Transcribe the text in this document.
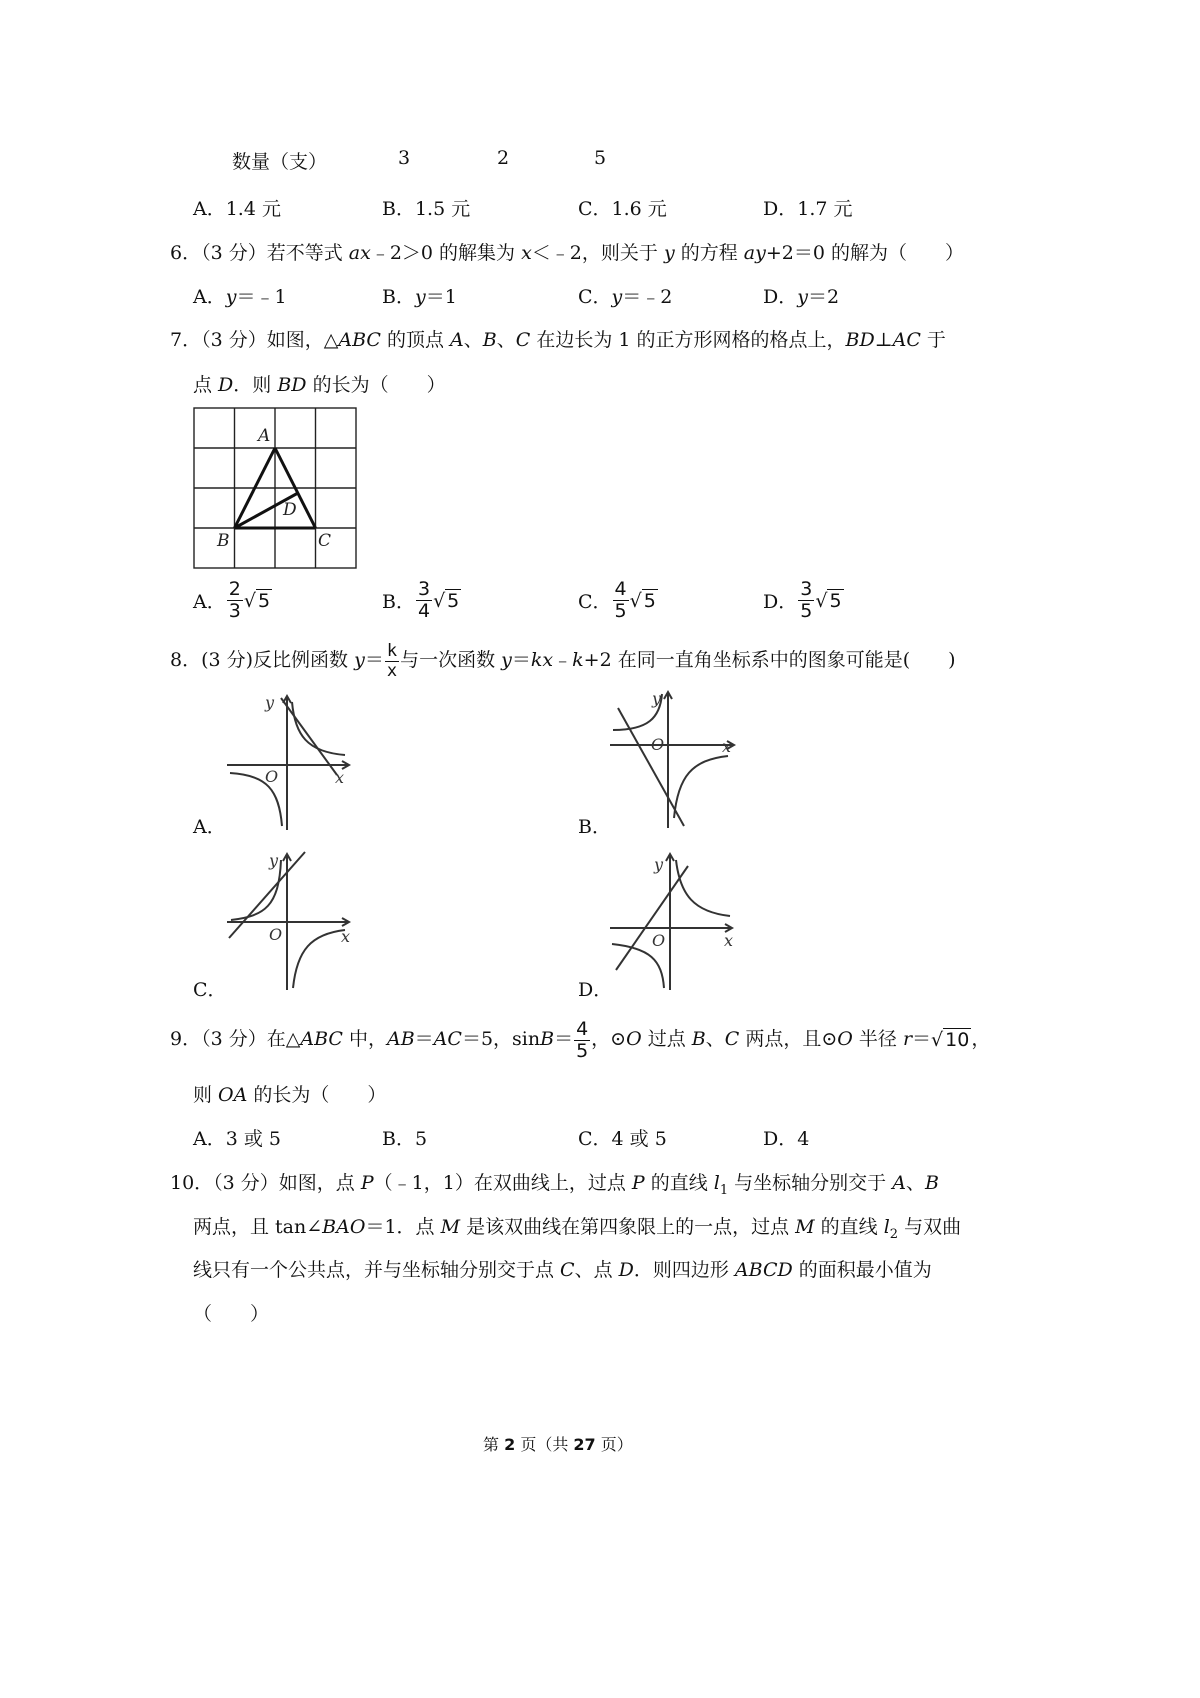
数量（支）	3	2	5
A．1.4 元	B．1.5 元	C．1.6 元	D．1.7 元
6．（3 分）若不等式 ax﹣2＞0 的解集为 x＜﹣2，则关于 y 的方程 ay+2＝0 的解为（　　）
A．y＝﹣1	B．y＝1	C．y＝﹣2	D．y＝2
7．（3 分）如图，△ABC 的顶点 A、B、C 在边长为 1 的正方形网格的格点上，BD⊥AC 于
点 D．则 BD 的长为（　　）
A
B	C
D
A． $\frac{2}{3}$ √ 5	B． $\frac{3}{4}$ √ 5	C． $\frac{4}{5}$ √ 5	D． $\frac{3}{5}$ √ 5
8．(3 分)反比例函数 $y= \frac{k}{x}$ 与一次函数 y＝kx﹣k+2 在同一直角坐标系中的图象可能是(　　)
y
x
O
A．
y
x
O
B．
y
x
O
C．
y
x
O
D．
9．（3 分）在△ABC 中，AB＝AC＝5，$\sin B= \frac{4}{5}$ ，⊙O 过点 B、C 两点，且⊙O 半径 r＝√ 10 ，
则 OA 的长为（　　）
A．3 或 5	B．5	C．4 或 5	D．4
10．（3 分）如图，点 P（﹣1，1）在双曲线上，过点 P 的直线 $l_1$ 与坐标轴分别交于 A、B
两点，且 tan∠BAO＝1．点 M 是该双曲线在第四象限上的一点，过点 M 的直线 $l_2$ 与双曲
线只有一个公共点，并与坐标轴分别交于点 C、点 D．则四边形 ABCD 的面积最小值为
（　　）
第 2 页（共 27 页）
